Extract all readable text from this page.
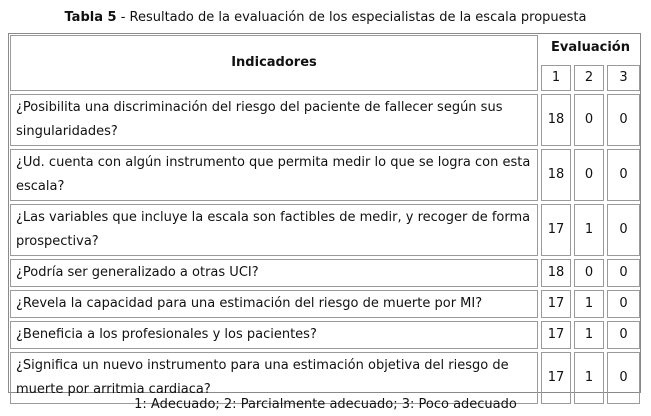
Tabla 5 - Resultado de la evaluación de los especialistas de la escala propuesta
Indicadores	Evaluación		
	1	2	3
¿Posibilita una discriminación del riesgo del paciente de fallecer según sus singularidades?	18	0	0
¿Ud. cuenta con algún instrumento que permita medir lo que se logra con esta escala?	18	0	0
¿Las variables que incluye la escala son factibles de medir, y recoger de forma prospectiva?	17	1	0
¿Podría ser generalizado a otras UCI?	18	0	0
¿Revela la capacidad para una estimación del riesgo de muerte por MI?	17	1	0
¿Beneficia a los profesionales y los pacientes?	17	1	0
¿Significa un nuevo instrumento para una estimación objetiva del riesgo de muerte por arritmia cardiaca?	17	1	0
1: Adecuado; 2: Parcialmente adecuado; 3: Poco adecuado
